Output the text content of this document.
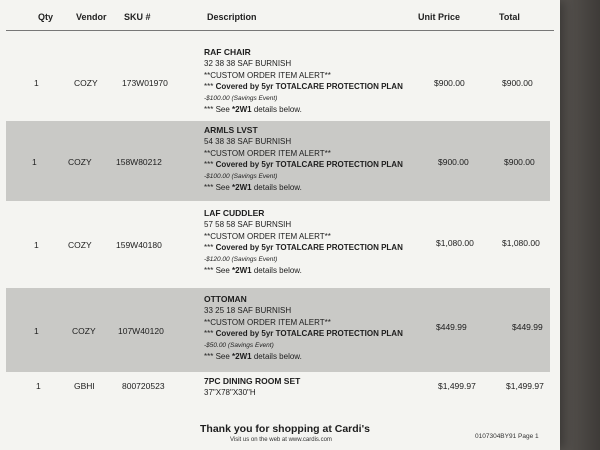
Qty	Vendor SKU #	Description	Unit Price	Total
1	COZY	173W01970
RAF CHAIR
32 38 38 SAF BURNISH
**CUSTOM ORDER ITEM ALERT**
*** Covered by 5yr TOTALCARE PROTECTION PLAN
-$100.00 (Savings Event)
*** See *2W1 details below.
$900.00	$900.00
1	COZY	158W80212
ARMLS LVST
54 38 38 SAF BURNISH
**CUSTOM ORDER ITEM ALERT**
*** Covered by 5yr TOTALCARE PROTECTION PLAN
-$100.00 (Savings Event)
*** See *2W1 details below.
$900.00	$900.00
1	COZY	159W40180
LAF CUDDLER
57 58 58 SAF BURNSIH
**CUSTOM ORDER ITEM ALERT**
*** Covered by 5yr TOTALCARE PROTECTION PLAN
-$120.00 (Savings Event)
*** See *2W1 details below.
$1,080.00	$1,080.00
1	COZY	107W40120
OTTOMAN
33 25 18 SAF BURNISH
**CUSTOM ORDER ITEM ALERT**
*** Covered by 5yr TOTALCARE PROTECTION PLAN
-$50.00 (Savings Event)
*** See *2W1 details below.
$449.99	$449.99
1	GBHI	800720523	7PC DINING ROOM SET
37"X78"X30"H
$1,499.97	$1,499.97
Thank you for shopping at Cardi's
Visit us on the web at www.cardis.com	0107304BY91 Page 1
